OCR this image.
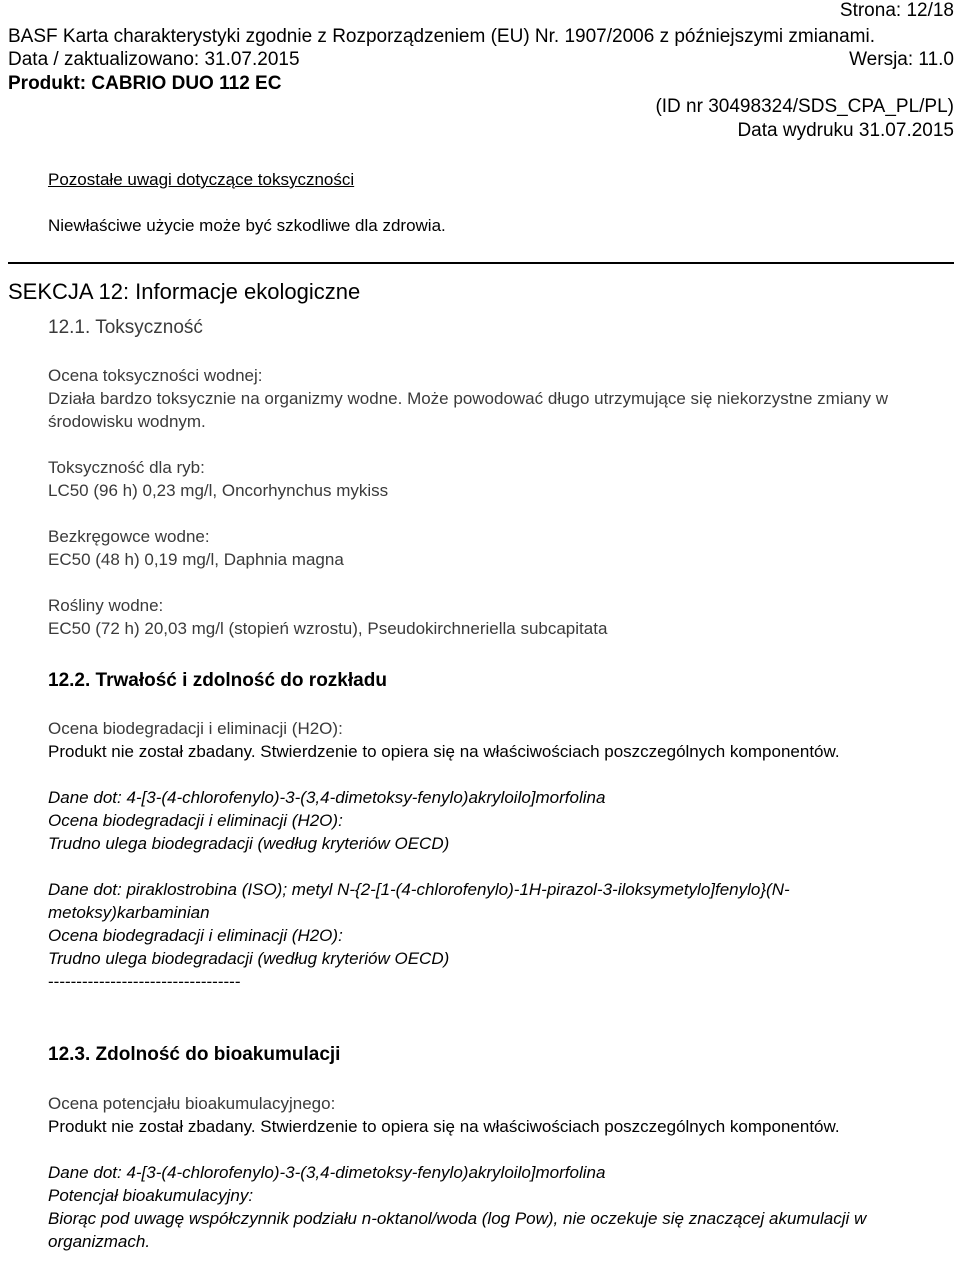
Strona: 12/18
BASF Karta charakterystyki zgodnie z Rozporządzeniem (EU) Nr. 1907/2006 z późniejszymi zmianami.
Data / zaktualizowano: 31.07.2015	Wersja: 11.0
Produkt: CABRIO DUO 112 EC
(ID nr 30498324/SDS_CPA_PL/PL)
Data wydruku 31.07.2015

Pozostałe uwagi dotyczące toksyczności

Niewłaściwe użycie może być szkodliwe dla zdrowia.

SEKCJA 12: Informacje ekologiczne
12.1. Toksyczność

Ocena toksyczności wodnej:

Działa bardzo toksycznie na organizmy wodne. Może powodować długo utrzymujące się niekorzystne zmiany w środowisku wodnym.

Toksyczność dla ryb:

LC50 (96 h) 0,23 mg/l, Oncorhynchus mykiss

Bezkręgowce wodne:

EC50 (48 h) 0,19 mg/l, Daphnia magna

Rośliny wodne:

EC50 (72 h) 20,03 mg/l (stopień wzrostu), Pseudokirchneriella subcapitata

12.2. Trwałość i zdolność do rozkładu

Ocena biodegradacji i eliminacji (H2O):

Produkt nie został zbadany. Stwierdzenie to opiera się na właściwościach poszczególnych komponentów.

Dane dot: 4-[3-(4-chlorofenylo)-3-(3,4-dimetoksy-fenylo)akryloilo]morfolina

Ocena biodegradacji i eliminacji (H2O):

Trudno ulega biodegradacji (według kryteriów OECD)

Dane dot: piraklostrobina (ISO); metyl N-{2-[1-(4-chlorofenylo)-1H-pirazol-3-iloksymetylo]fenylo}(N-metoksy)karbaminian

Ocena biodegradacji i eliminacji (H2O):

Trudno ulega biodegradacji (według kryteriów OECD)

----------------------------------

12.3. Zdolność do bioakumulacji

Ocena potencjału bioakumulacyjnego:

Produkt nie został zbadany. Stwierdzenie to opiera się na właściwościach poszczególnych komponentów.

Dane dot: 4-[3-(4-chlorofenylo)-3-(3,4-dimetoksy-fenylo)akryloilo]morfolina

Potencjał bioakumulacyjny:

Biorąc pod uwagę współczynnik podziału n-oktanol/woda (log Pow), nie oczekuje się znaczącej akumulacji w organizmach.
